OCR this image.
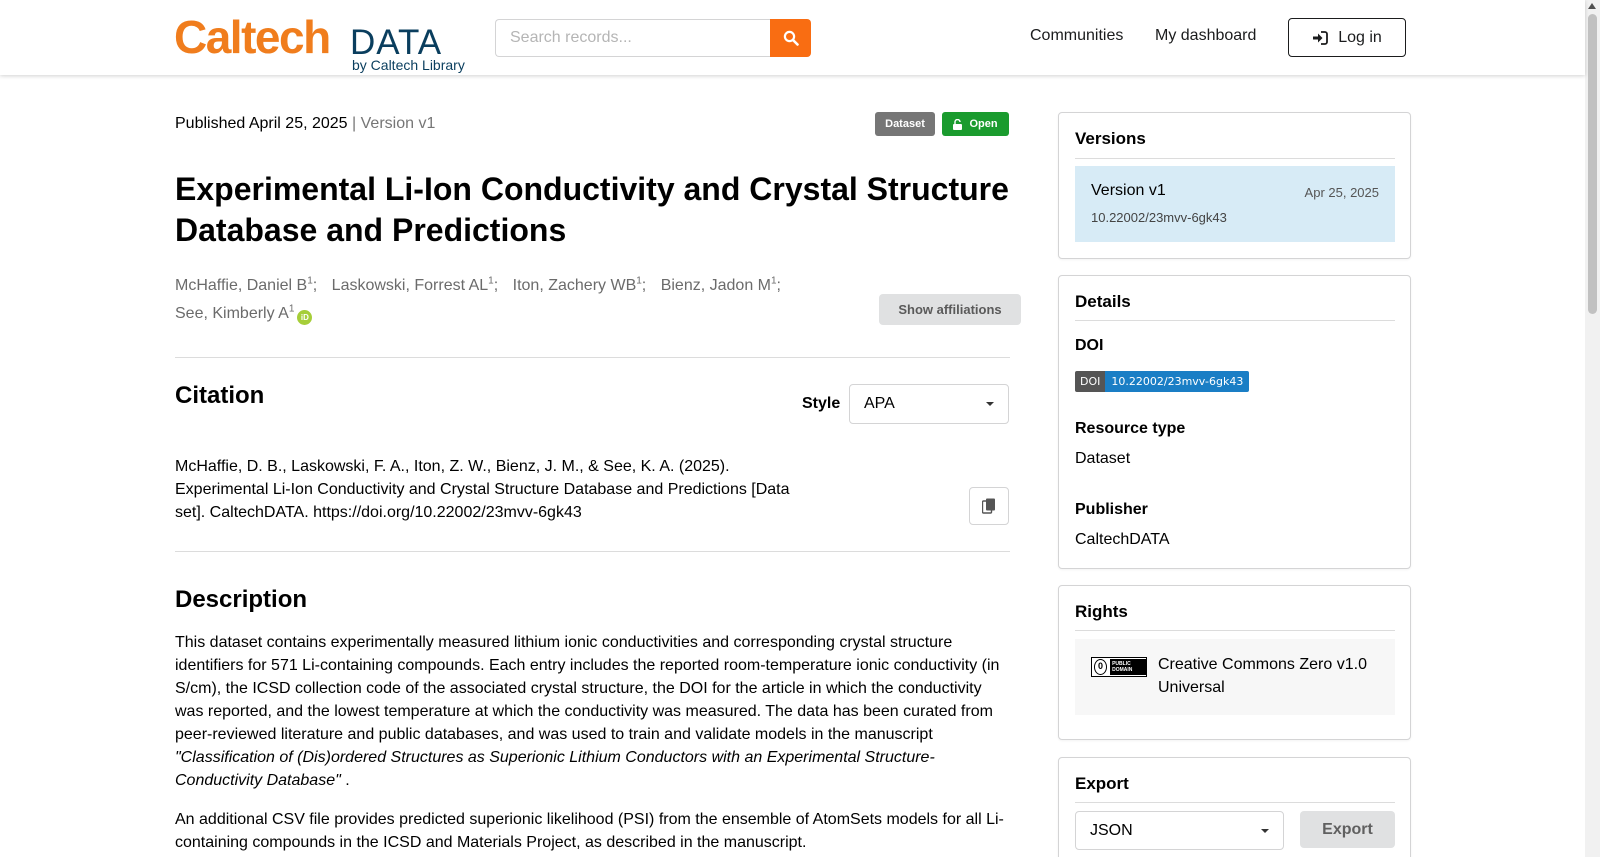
Caltech DATA
by Caltech Library
Search records...
Communities My dashboard	Log in
Published April 25, 2025 | Version v1	Dataset	Open
Experimental Li-Ion Conductivity and Crystal Structure Database and Predictions
McHaffie, Daniel $B^1$; Laskowski, Forrest $AL^1$; Iton, Zachery $WB^1$; Bienz, Jadon $M^1$;
See, Kimberly $A^1iD$
Show affiliations
Citation	Style APA
McHaffie, D. B., Laskowski, F. A., Iton, Z. W., Bienz, J. M., & See, K. A. (2025). Experimental Li-Ion Conductivity and Crystal Structure Database and Predictions [Data set]. CaltechDATA. https://doi.org/10.22002/23mvv-6gk43
Description

This dataset contains experimentally measured lithium ionic conductivities and corresponding crystal structure identifiers for 571 Li-containing compounds. Each entry includes the reported room-temperature ionic conductivity (in S/cm), the ICSD collection code of the associated crystal structure, the DOI for the article in which the conductivity was reported, and the lowest temperature at which the conductivity was measured. The data has been curated from peer-reviewed literature and public databases, and was used to train and validate models in the manuscript "Classification of (Dis)ordered Structures as Superionic Lithium Conductors with an Experimental Structure-Conductivity Database" .

An additional CSV file provides predicted superionic likelihood (PSI) from the ensemble of AtomSets models for all Li-containing compounds in the ICSD and Materials Project, as described in the manuscript.

Versions
Version v1	Apr 25, 2025
10.22002/23mvv-6gk43
Details
DOI
DOI	10.22002/23mvv-6gk43
Resource type
Dataset
Publisher
CaltechDATA
Rights
0	PUBLIC DOMAIN	Creative Commons Zero v1.0 Universal
Export
JSON	Export
